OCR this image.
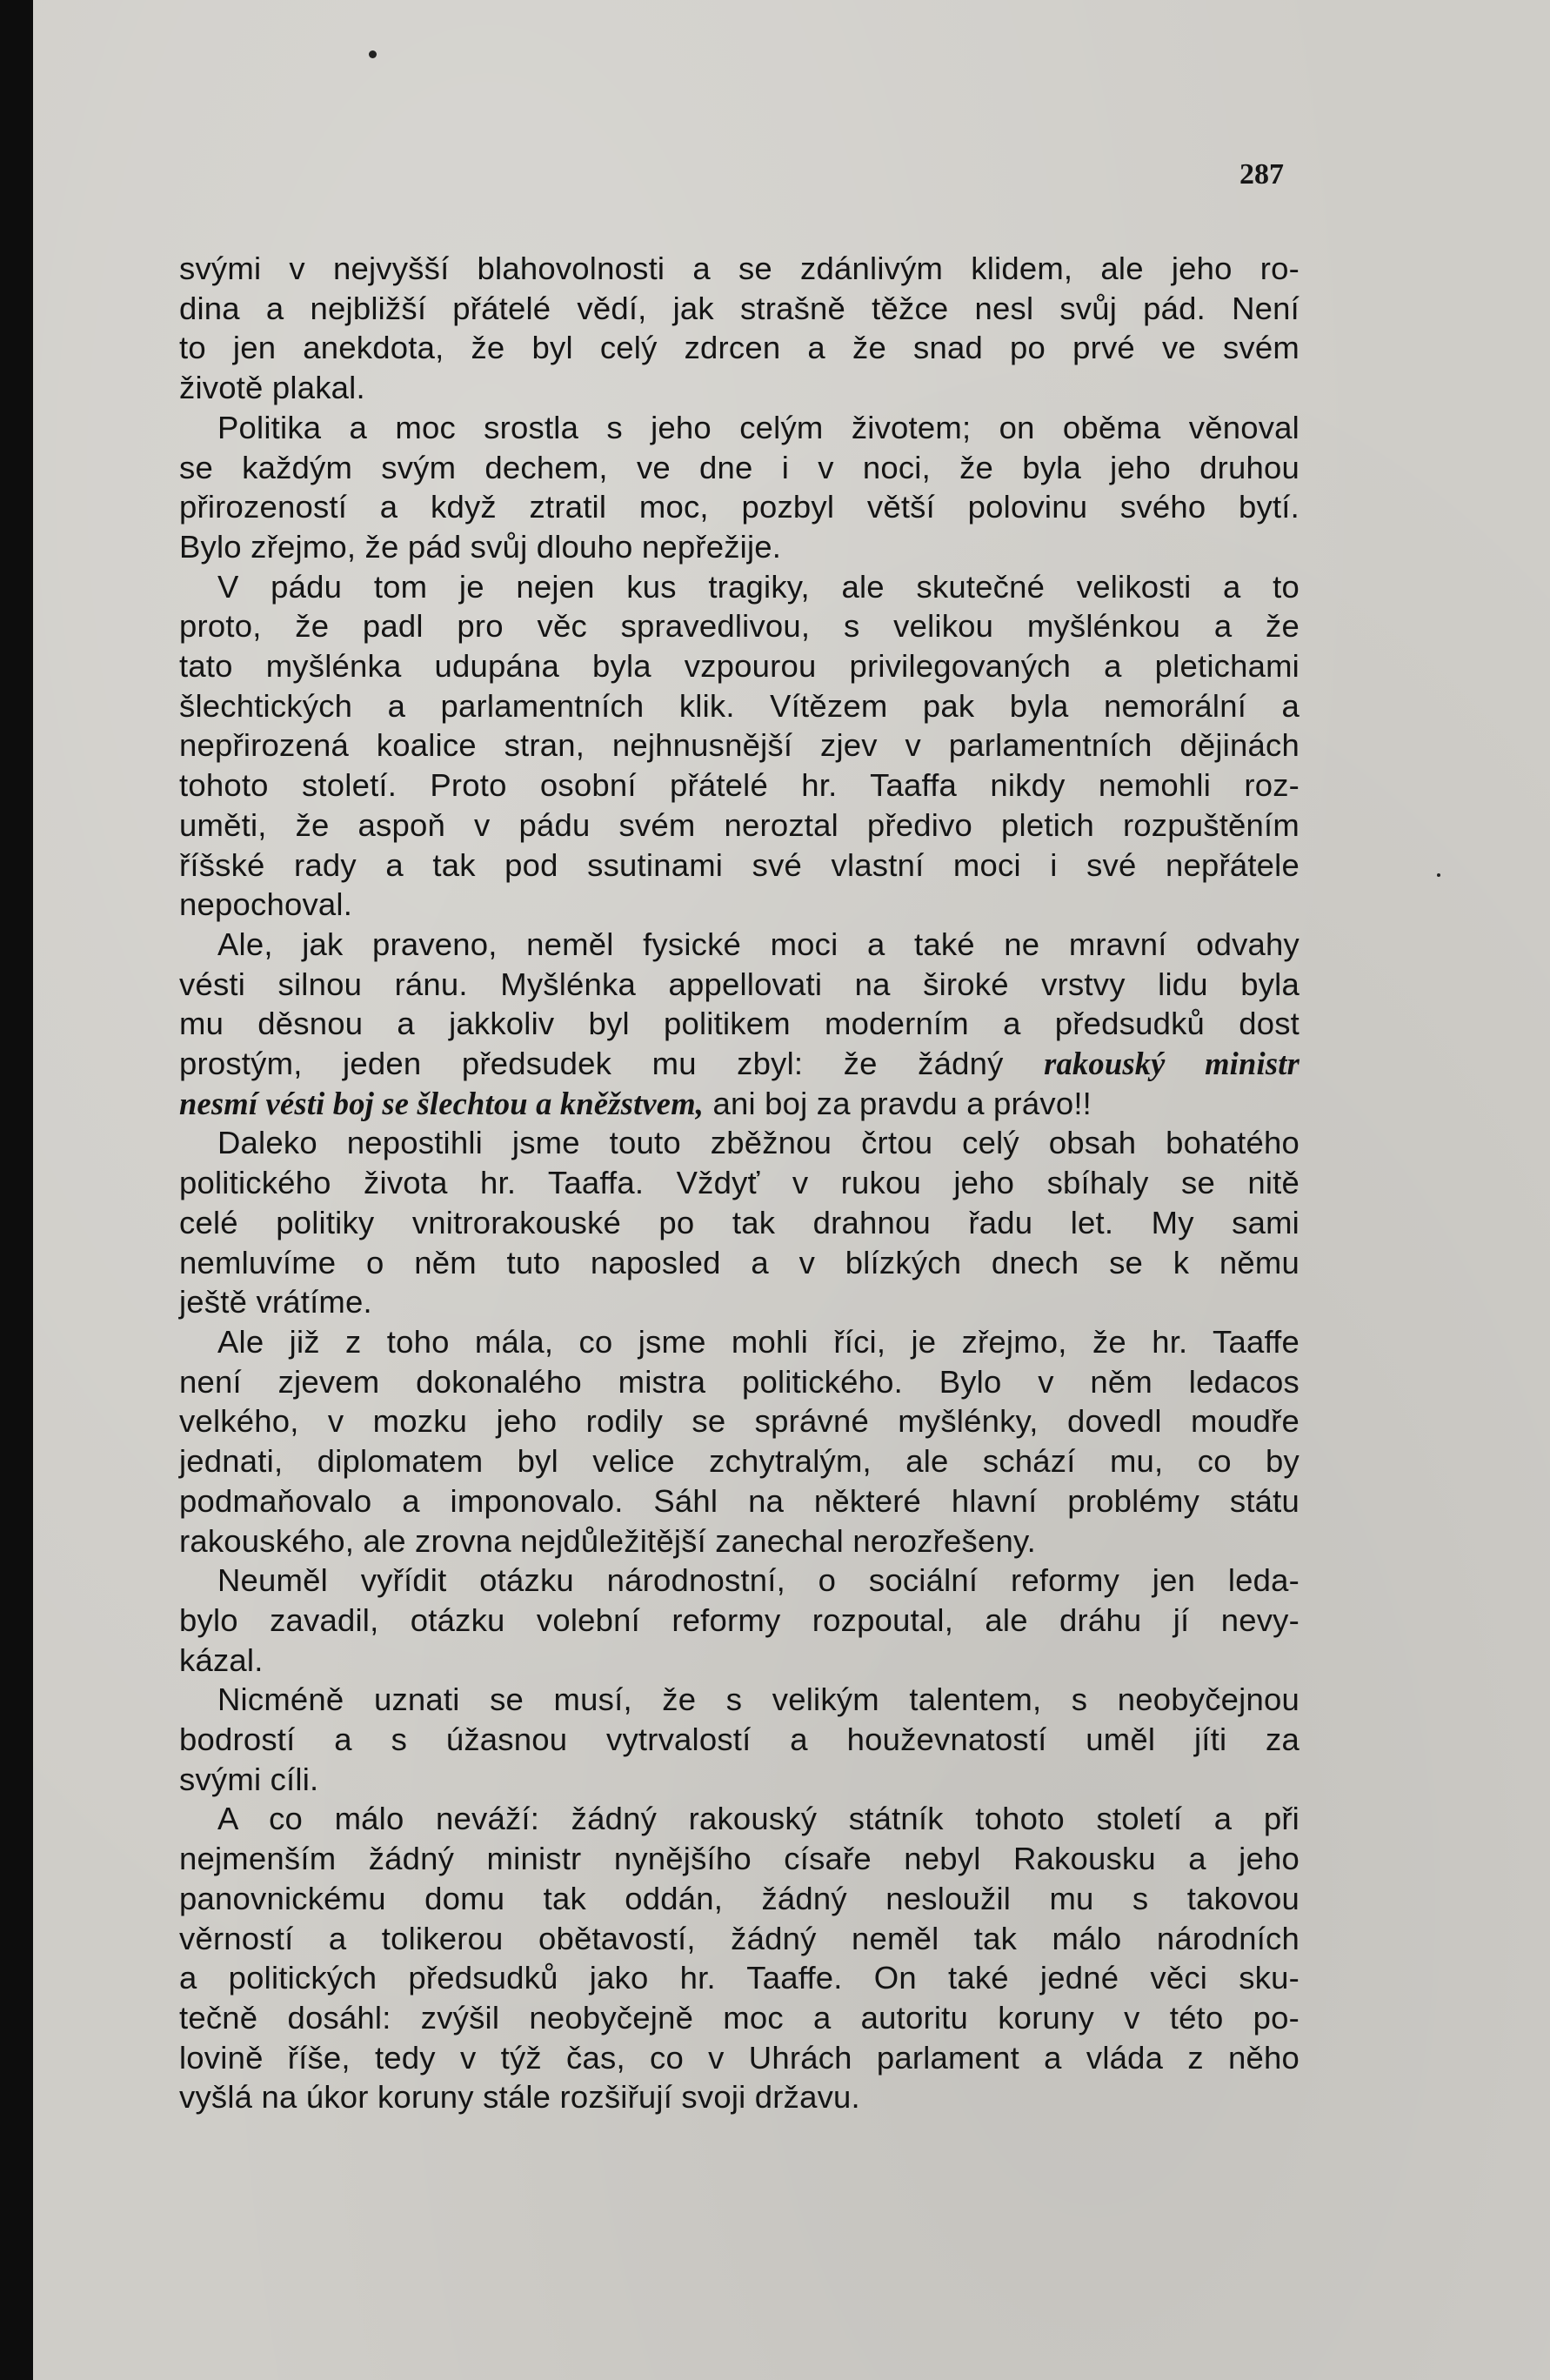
287

svými v nejvyšší blahovolnosti a se zdánlivým klidem, ale jeho ro-
dina a nejbližší přátelé vědí, jak strašně těžce nesl svůj pád. Není
to jen anekdota, že byl celý zdrcen a že snad po prvé ve svém
životě plakal.
Politika a moc srostla s jeho celým životem; on oběma věnoval
se každým svým dechem, ve dne i v noci, že byla jeho druhou
přirozeností a když ztratil moc, pozbyl větší polovinu svého bytí.
Bylo zřejmo, že pád svůj dlouho nepřežije.
V pádu tom je nejen kus tragiky, ale skutečné velikosti a to
proto, že padl pro věc spravedlivou, s velikou myšlénkou a že
tato myšlénka udupána byla vzpourou privilegovaných a pletichami
šlechtických a parlamentních klik. Vítězem pak byla nemorální a
nepřirozená koalice stran, nejhnusnější zjev v parlamentních dějinách
tohoto století. Proto osobní přátelé hr. Taaffa nikdy nemohli roz-
uměti, že aspoň v pádu svém neroztal předivo pletich rozpuštěním
říšské rady a tak pod ssutinami své vlastní moci i své nepřátele
nepochoval.
Ale, jak praveno, neměl fysické moci a také ne mravní odvahy
vésti silnou ránu. Myšlénka appellovati na široké vrstvy lidu byla
mu děsnou a jakkoliv byl politikem moderním a předsudků dost
prostým, jeden předsudek mu zbyl: že žádný rakouský ministr
nesmí vésti boj se šlechtou a kněžstvem, ani boj za pravdu a právo!!
Daleko nepostihli jsme touto zběžnou črtou celý obsah bohatého
politického života hr. Taaffa. Vždyť v rukou jeho sbíhaly se nitě
celé politiky vnitrorakouské po tak drahnou řadu let. My sami
nemluvíme o něm tuto naposled a v blízkých dnech se k němu
ještě vrátíme.
Ale již z toho mála, co jsme mohli říci, je zřejmo, že hr. Taaffe
není zjevem dokonalého mistra politického. Bylo v něm ledacos
velkého, v mozku jeho rodily se správné myšlénky, dovedl moudře
jednati, diplomatem byl velice zchytralým, ale schází mu, co by
podmaňovalo a imponovalo. Sáhl na některé hlavní problémy státu
rakouského, ale zrovna nejdůležitější zanechal nerozřešeny.
Neuměl vyřídit otázku národnostní, o sociální reformy jen leda-
bylo zavadil, otázku volební reformy rozpoutal, ale dráhu jí nevy-
kázal.
Nicméně uznati se musí, že s velikým talentem, s neobyčejnou
bodrostí a s úžasnou vytrvalostí a houževnatostí uměl jíti za
svými cíli.
A co málo neváží: žádný rakouský státník tohoto století a při
nejmenším žádný ministr nynějšího císaře nebyl Rakousku a jeho
panovnickému domu tak oddán, žádný nesloužil mu s takovou
věrností a tolikerou obětavostí, žádný neměl tak málo národních
a politických předsudků jako hr. Taaffe. On také jedné věci sku-
tečně dosáhl: zvýšil neobyčejně moc a autoritu koruny v této po-
lovině říše, tedy v týž čas, co v Uhrách parlament a vláda z něho
vyšlá na úkor koruny stále rozšiřují svoji državu.
